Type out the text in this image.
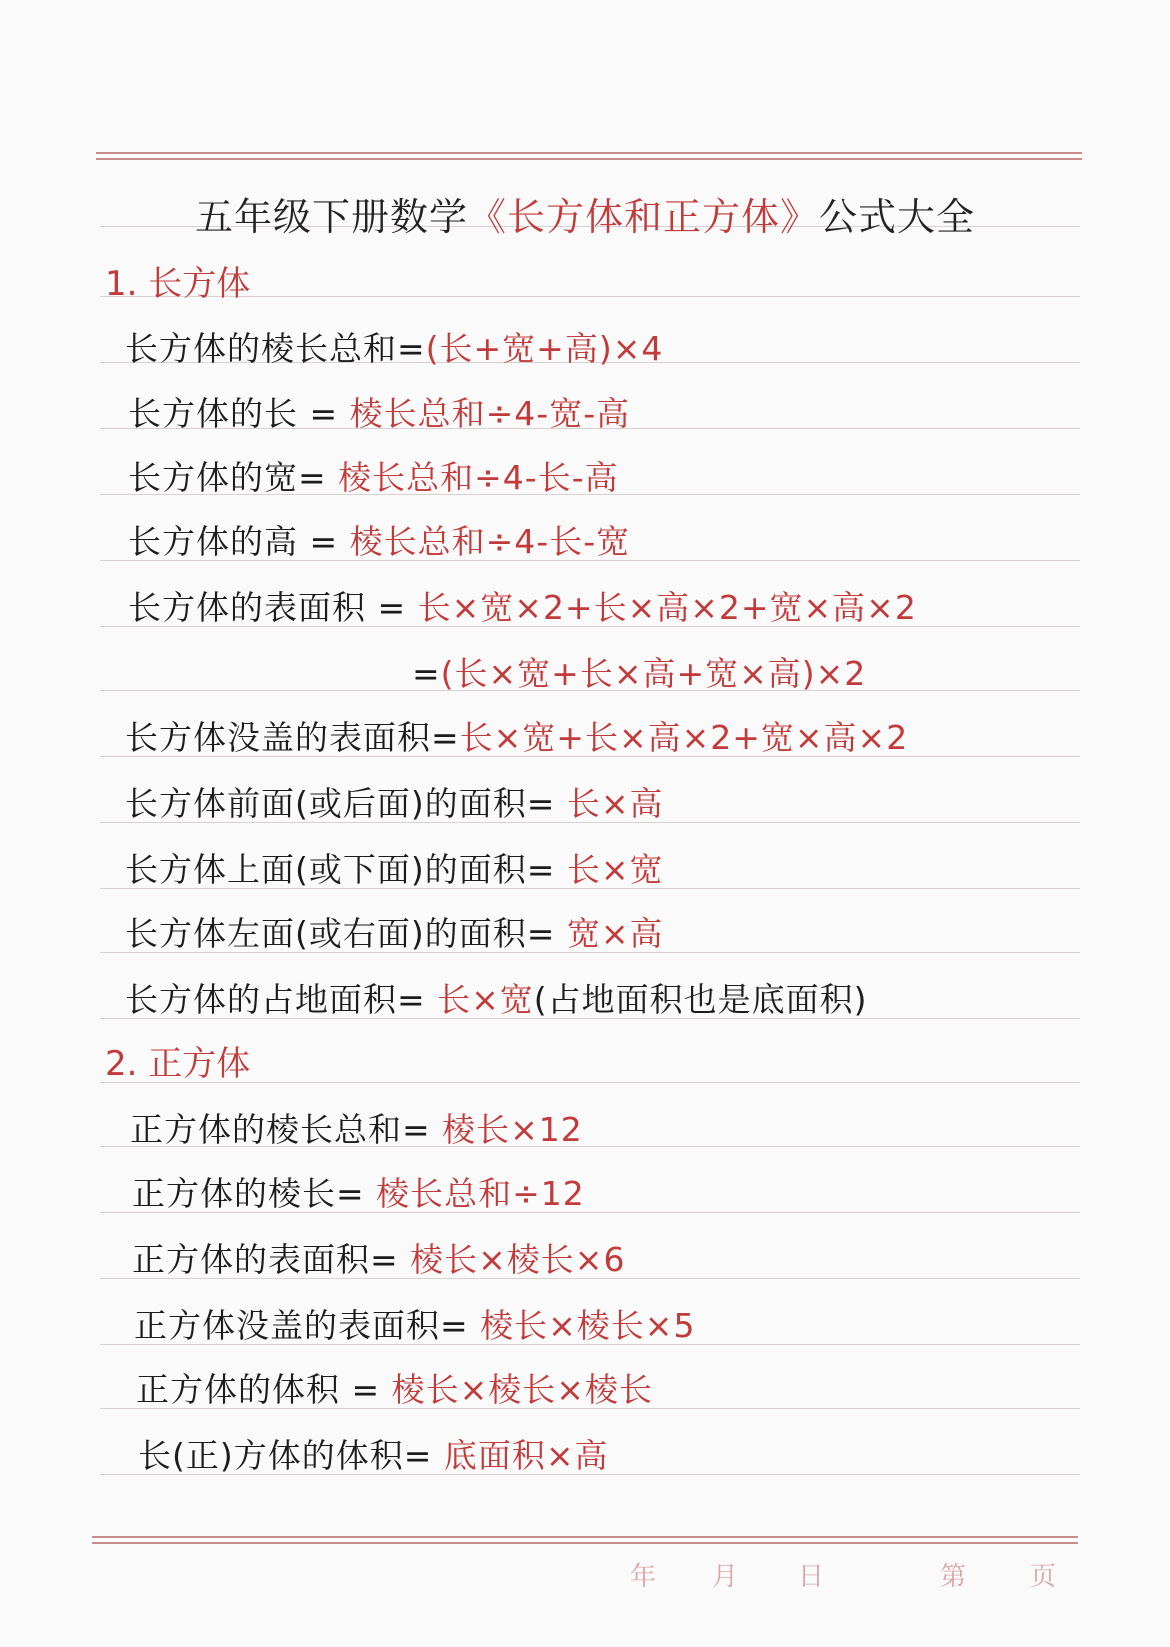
五年级下册数学《长方体和正方体》公式大全
1. 长方体
长方体的棱长总和=(长+宽+高)×4
长方体的长 = 棱长总和÷4-宽-高
长方体的宽= 棱长总和÷4-长-高
长方体的高 = 棱长总和÷4-长-宽
长方体的表面积 = 长×宽×2+长×高×2+宽×高×2
=(长×宽+长×高+宽×高)×2
长方体没盖的表面积=长×宽+长×高×2+宽×高×2
长方体前面(或后面)的面积= 长×高
长方体上面(或下面)的面积= 长×宽
长方体左面(或右面)的面积= 宽×高
长方体的占地面积= 长×宽(占地面积也是底面积)
2. 正方体
正方体的棱长总和= 棱长×12
正方体的棱长= 棱长总和÷12
正方体的表面积= 棱长×棱长×6
正方体没盖的表面积= 棱长×棱长×5
正方体的体积 = 棱长×棱长×棱长
长(正)方体的体积= 底面积×高
年 月 日	第 页
